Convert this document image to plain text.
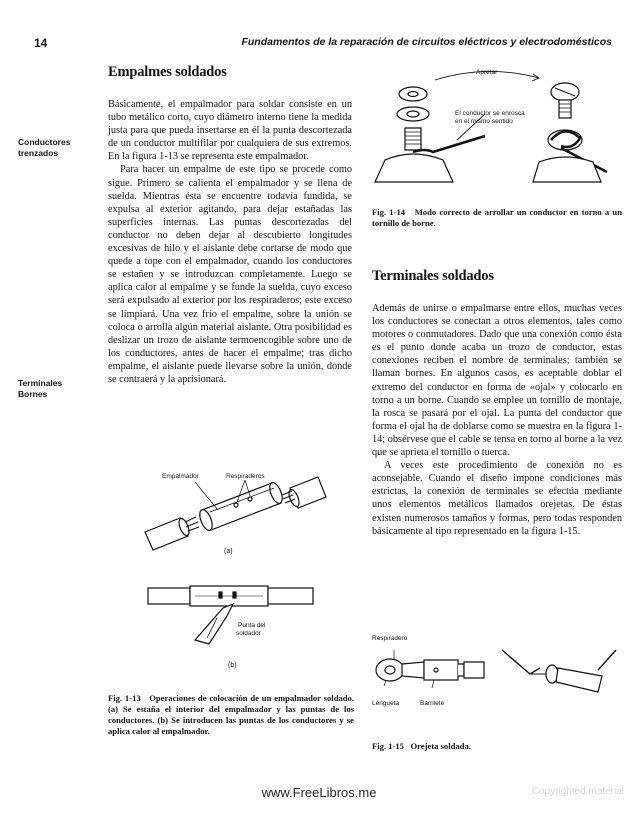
14	Fundamentos de la reparación de circuitos eléctricos y electrodomésticos
Conductores
trenzados
Terminales
Bornes
Empalmes soldados

Básicamente, el empalmador para soldar consiste en un tubo metálico corto, cuyo diámetro interno tiene la medida justa para que pueda insertarse en él la punta descortezada de un conductor multifilar por cualquiera de sus extremos. En la figura 1-13 se representa este empalmador.

Para hacer un empalme de este tipo se procede como sigue. Primero se calienta el empalmador y se llena de suelda. Mientras ésta se encuentre todavía fundida, se expulsa al exterior agitando, para dejar estañadas las superficies internas. Las puntas descortezadas del conductor no deben dejar al descubierto longitudes excesivas de hilo y el aislante debe cortarse de modo que quede a tope con el empalmador, cuando los conductores se estañen y se introduzcan completamente. Luego se aplica calor al empalme y se funde la suelda, cuyo exceso será expulsado al exterior por los respiraderos; este exceso se limpiará. Una vez frío el empalme, sobre la unión se coloca o arrolla algún material aislante. Otra posibilidad es deslizar un trozo de aislante termoencogible sobre uno de los conductores, antes de hacer el empalme; tras dicho empalme, el aislante puede llevarse sobre la unión, donde se contraerá y la aprisionará.

Empalmador	Respiraderos
(a)
Punta del
soldador
(b)
Fig. 1-13 Operaciones de colocación de un empalmador soldado. (a) Se estaña el interior del empalmador y las puntas de los conductores. (b) Se introducen las puntas de los conductores y se aplica calor al empalmador.
Apretar
El conductor se enrosca
en el mismo sentido
Fig. 1-14 Modo correcto de arrollar un conductor en torno a un tornillo de borne.
Terminales soldados

Además de unirse o empalmarse entre ellos, muchas veces los conductores se conectan a otros elementos, tales como motores o conmutadores. Dado que una conexión como ésta es el punto donde acaba un trozo de conductor, estas conexiones reciben el nombre de terminales; también se llaman bornes. En algunos casos, es aceptable doblar el extremo del conductor en forma de «ojal» y colocarlo en torno a un borne. Cuando se emplee un tornillo de montaje, la rosca se pasará por el ojal. La punta del conductor que forma el ojal ha de doblarse como se muestra en la figura 1-14; obsérvese que el cable se tensa en torno al borne a la vez que se aprieta el tornillo o tuerca.

A veces este procedimiento de conexión no es aconsejable. Cuando el diseño impone condiciones más estrictas, la conexión de terminales se efectúa mediante unos elementos metálicos llamados orejetas. De éstas existen numerosos tamaños y formas, pero todas responden básicamente al tipo representado en la figura 1-15.

Respiradero
Lengueta	Barrilete
Fig. 1-15 Orejeta soldada.
www.FreeLibros.me	Copyrighted material
